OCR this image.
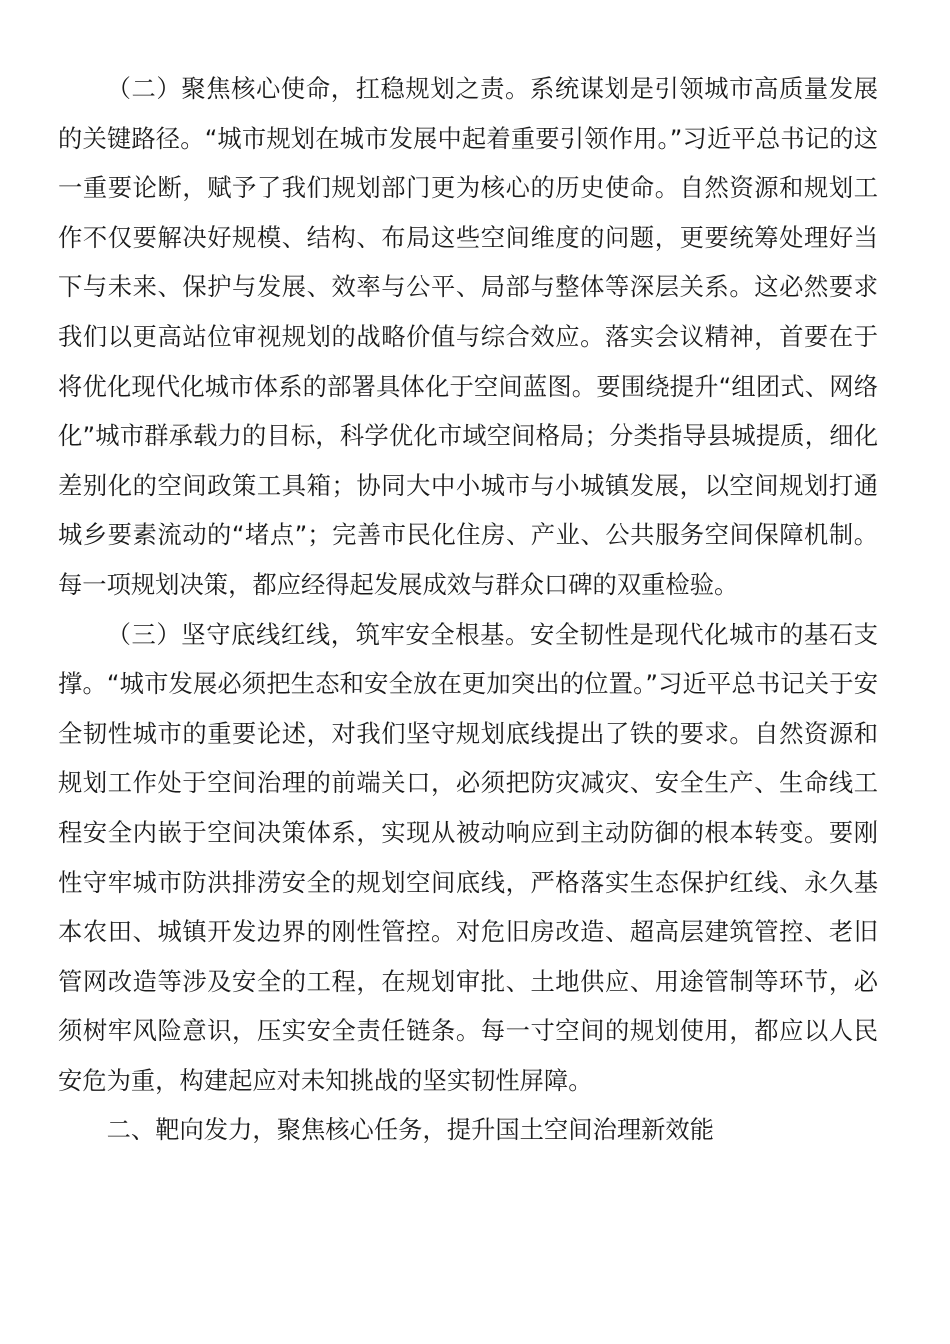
（二）聚焦核心使命，扛稳规划之责。系统谋划是引领城市高质量发展的关键路径。“城市规划在城市发展中起着重要引领作用。”习近平总书记的这一重要论断，赋予了我们规划部门更为核心的历史使命。自然资源和规划工作不仅要解决好规模、结构、布局这些空间维度的问题，更要统筹处理好当下与未来、保护与发展、效率与公平、局部与整体等深层关系。这必然要求我们以更高站位审视规划的战略价值与综合效应。落实会议精神，首要在于将优化现代化城市体系的部署具体化于空间蓝图。要围绕提升“组团式、网络化”城市群承载力的目标，科学优化市域空间格局；分类指导县城提质，细化差别化的空间政策工具箱；协同大中小城市与小城镇发展，以空间规划打通城乡要素流动的“堵点”；完善市民化住房、产业、公共服务空间保障机制。每一项规划决策，都应经得起发展成效与群众口碑的双重检验。

（三）坚守底线红线，筑牢安全根基。安全韧性是现代化城市的基石支撑。“城市发展必须把生态和安全放在更加突出的位置。”习近平总书记关于安全韧性城市的重要论述，对我们坚守规划底线提出了铁的要求。自然资源和规划工作处于空间治理的前端关口，必须把防灾减灾、安全生产、生命线工程安全内嵌于空间决策体系，实现从被动响应到主动防御的根本转变。要刚性守牢城市防洪排涝安全的规划空间底线，严格落实生态保护红线、永久基本农田、城镇开发边界的刚性管控。对危旧房改造、超高层建筑管控、老旧管网改造等涉及安全的工程，在规划审批、土地供应、用途管制等环节，必须树牢风险意识，压实安全责任链条。每一寸空间的规划使用，都应以人民安危为重，构建起应对未知挑战的坚实韧性屏障。

二、靶向发力，聚焦核心任务，提升国土空间治理新效能
